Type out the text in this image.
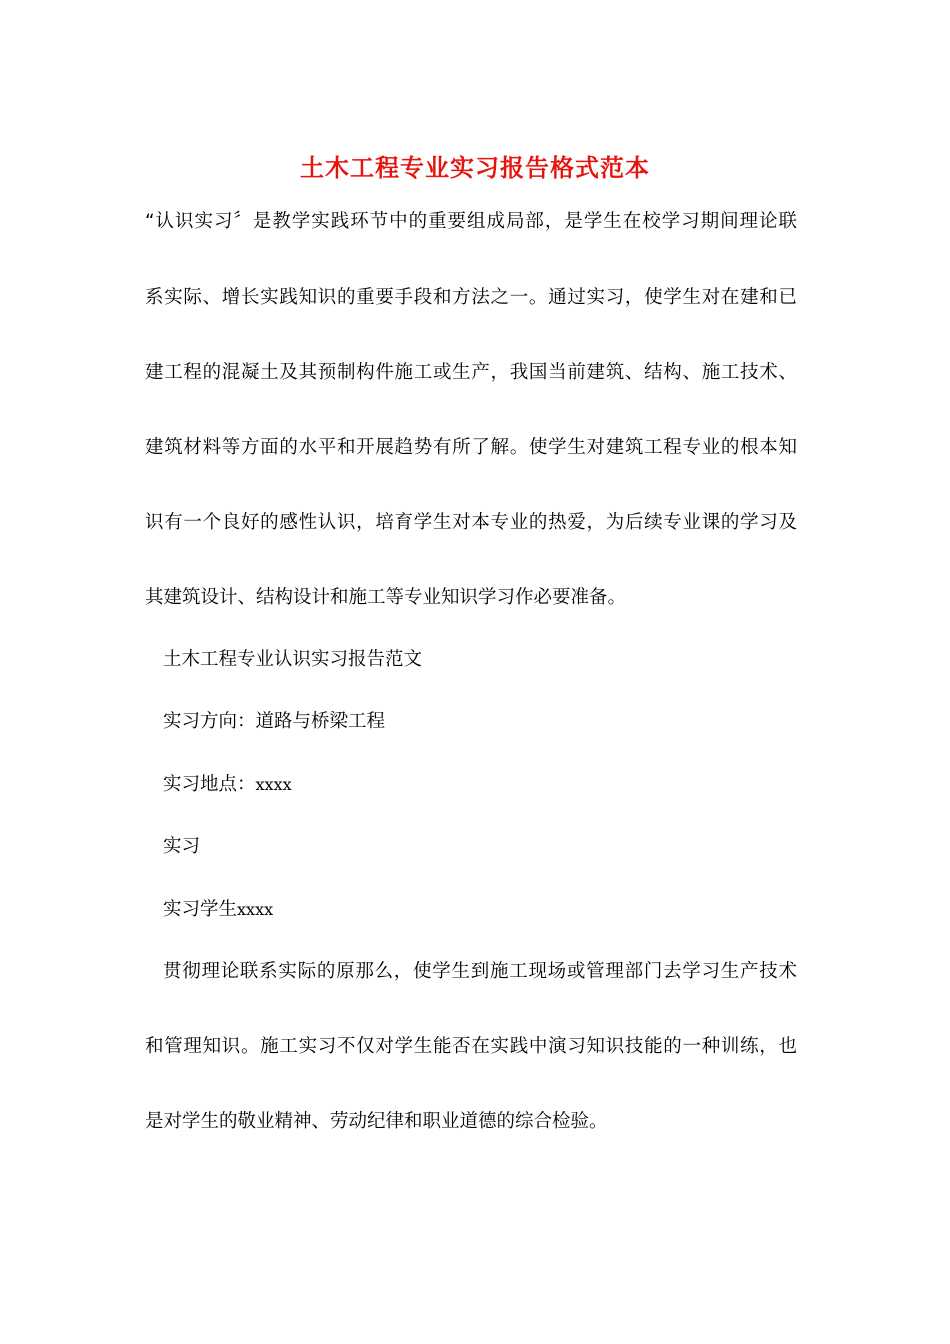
土木工程专业实习报告格式范本
“认识实习〞是教学实践环节中的重要组成局部，是学生在校学习期间理论联
系实际、增长实践知识的重要手段和方法之一。通过实习，使学生对在建和已
建工程的混凝土及其预制构件施工或生产，我国当前建筑、结构、施工技术、
建筑材料等方面的水平和开展趋势有所了解。使学生对建筑工程专业的根本知
识有一个良好的感性认识，培育学生对本专业的热爱，为后续专业课的学习及
其建筑设计、结构设计和施工等专业知识学习作必要准备。
土木工程专业认识实习报告范文
实习方向：道路与桥梁工程
实习地点：xxxx
实习
实习学生xxxx
贯彻理论联系实际的原那么，使学生到施工现场或管理部门去学习生产技术
和管理知识。施工实习不仅对学生能否在实践中演习知识技能的一种训练，也
是对学生的敬业精神、劳动纪律和职业道德的综合检验。
